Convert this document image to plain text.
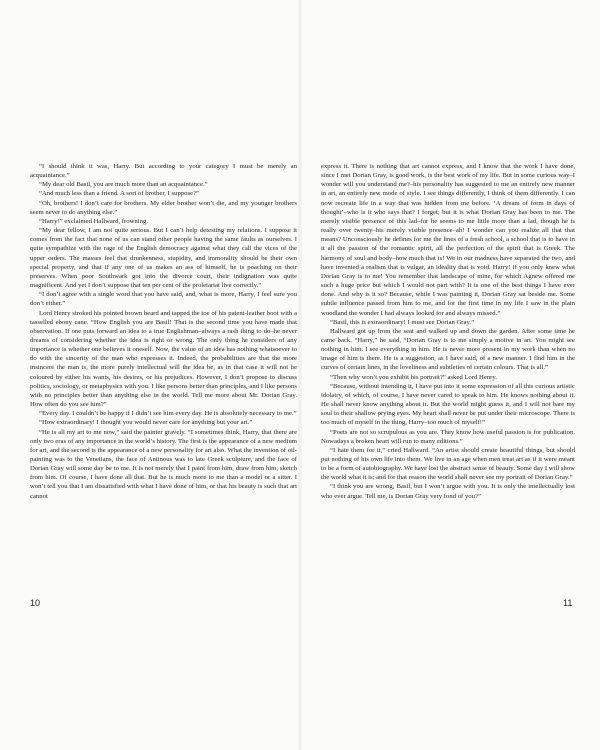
“I should think it was, Harry. But according to your category I must be merely an acquaintance.”

“My dear old Basil, you are much more than an acquaintance.”

“And much less than a friend. A sort of brother, I suppose?”

“Oh, brothers! I don’t care for brothers. My elder brother won’t die, and my younger brothers seem never to do anything else.”

“Harry!” exclaimed Hallward, frowning.

“My dear fellow, I am not quite serious. But I can’t help detesting my relations. I suppose it comes from the fact that none of us can stand other people having the same faults as ourselves. I quite sympathize with the rage of the English democracy against what they call the vices of the upper orders. The masses feel that drunkenness, stupidity, and immorality should be their own special property, and that if any one of us makes an ass of himself, he is poaching on their preserves. When poor Southwark got into the divorce court, their indignation was quite magnificent. And yet I don’t suppose that ten per cent of the proletariat live correctly.”

“I don’t agree with a single word that you have said, and, what is more, Harry, I feel sure you don’t either.”

Lord Henry stroked his pointed brown beard and tapped the toe of his patent-leather boot with a tasselled ebony cane. “How English you are Basil! That is the second time you have made that observation. If one puts forward an idea to a true Englishman–always a rash thing to do–he never dreams of considering whether the idea is right or wrong. The only thing he considers of any importance is whether one believes it oneself. Now, the value of an idea has nothing whatsoever to do with the sincerity of the man who expresses it. Indeed, the probabilities are that the more insincere the man is, the more purely intellectual will the idea be, as in that case it will not be coloured by either his wants, his desires, or his prejudices. However, I don’t propose to discuss politics, sociology, or metaphysics with you. I like persons better than principles, and I like persons with no principles better than anything else in the world. Tell me more about Mr. Dorian Gray. How often do you see him?”

“Every day. I couldn’t be happy if I didn’t see him every day. He is absolutely necessary to me.”

“How extraordinary! I thought you would never care for anything but your art.”

“He is all my art to me now,” said the painter gravely. “I sometimes think, Harry, that there are only two eras of any importance in the world’s history. The first is the appearance of a new medium for art, and the second is the appearance of a new personality for art also. What the invention of oil-painting was to the Venetians, the face of Antinous was to late Greek sculpture, and the face of Dorian Gray will some day be to me. It is not merely that I paint from him, draw from him, sketch from him. Of course, I have done all that. But he is much more to me than a model or a sitter. I won’t tell you that I am dissatisfied with what I have done of him, or that his beauty is such that art cannot

express it. There is nothing that art cannot express, and I know that the work I have done, since I met Dorian Gray, is good work, is the best work of my life. But in some curious way–I wonder will you understand me?–his personality has suggested to me an entirely new manner in art, an entirely new mode of style. I see things differently, I think of them differently. I can now recreate life in a way that was hidden from me before. ‘A dream of form in days of thought’–who is it who says that? I forget; but it is what Dorian Gray has been to me. The merely visible presence of this lad–for he seems to me little more than a lad, though he is really over twenty–his merely visible presence–ah! I wonder can you realize all that that means? Unconsciously he defines for me the lines of a fresh school, a school that is to have in it all the passion of the romantic spirit, all the perfection of the spirit that is Greek. The harmony of soul and body–how much that is! We in our madness have separated the two, and have invented a realism that is vulgar, an ideality that is void. Harry! if you only knew what Dorian Gray is to me! You remember that landscape of mine, for which Agnew offered me such a huge price but which I would not part with? It is one of the best things I have ever done. And why is it so? Because, while I was painting it, Dorian Gray sat beside me. Some subtle influence passed from him to me, and for the first time in my life I saw in the plain woodland the wonder I had always looked for and always missed.”

“Basil, this is extraordinary! I must see Dorian Gray.”

Hallward got up from the seat and walked up and down the garden. After some time he came back. “Harry,” he said, “Dorian Gray is to me simply a motive in art. You might see nothing in him. I see everything in him. He is never more present in my work than when no image of him is there. He is a suggestion, as I have said, of a new manner. I find him in the curves of certain lines, in the loveliness and subtleties of certain colours. That is all.”

“Then why won’t you exhibit his portrait?” asked Lord Henry.

“Because, without intending it, I have put into it some expression of all this curious artistic idolatry, of which, of course, I have never cared to speak to him. He knows nothing about it. He shall never know anything about it. But the world might guess it, and I will not bare my soul to their shallow prying eyes. My heart shall never be put under their microscope. There is too much of myself in the thing, Harry–too much of myself!”

“Poets are not so scrupulous as you are. They know how useful passion is for publication. Nowadays a broken heart will run to many editions.”

“I hate them for it,” cried Hallward. “An artist should create beautiful things, but should put nothing of his own life into them. We live in an age when men treat art as if it were meant to be a form of autobiography. We have lost the abstract sense of beauty. Some day I will show the world what it is; and for that reason the world shall never see my portrait of Dorian Gray.”

“I think you are wrong, Basil, but I won’t argue with you. It is only the intellectually lost who ever argue. Tell me, is Dorian Gray very fond of you?”

10	11
